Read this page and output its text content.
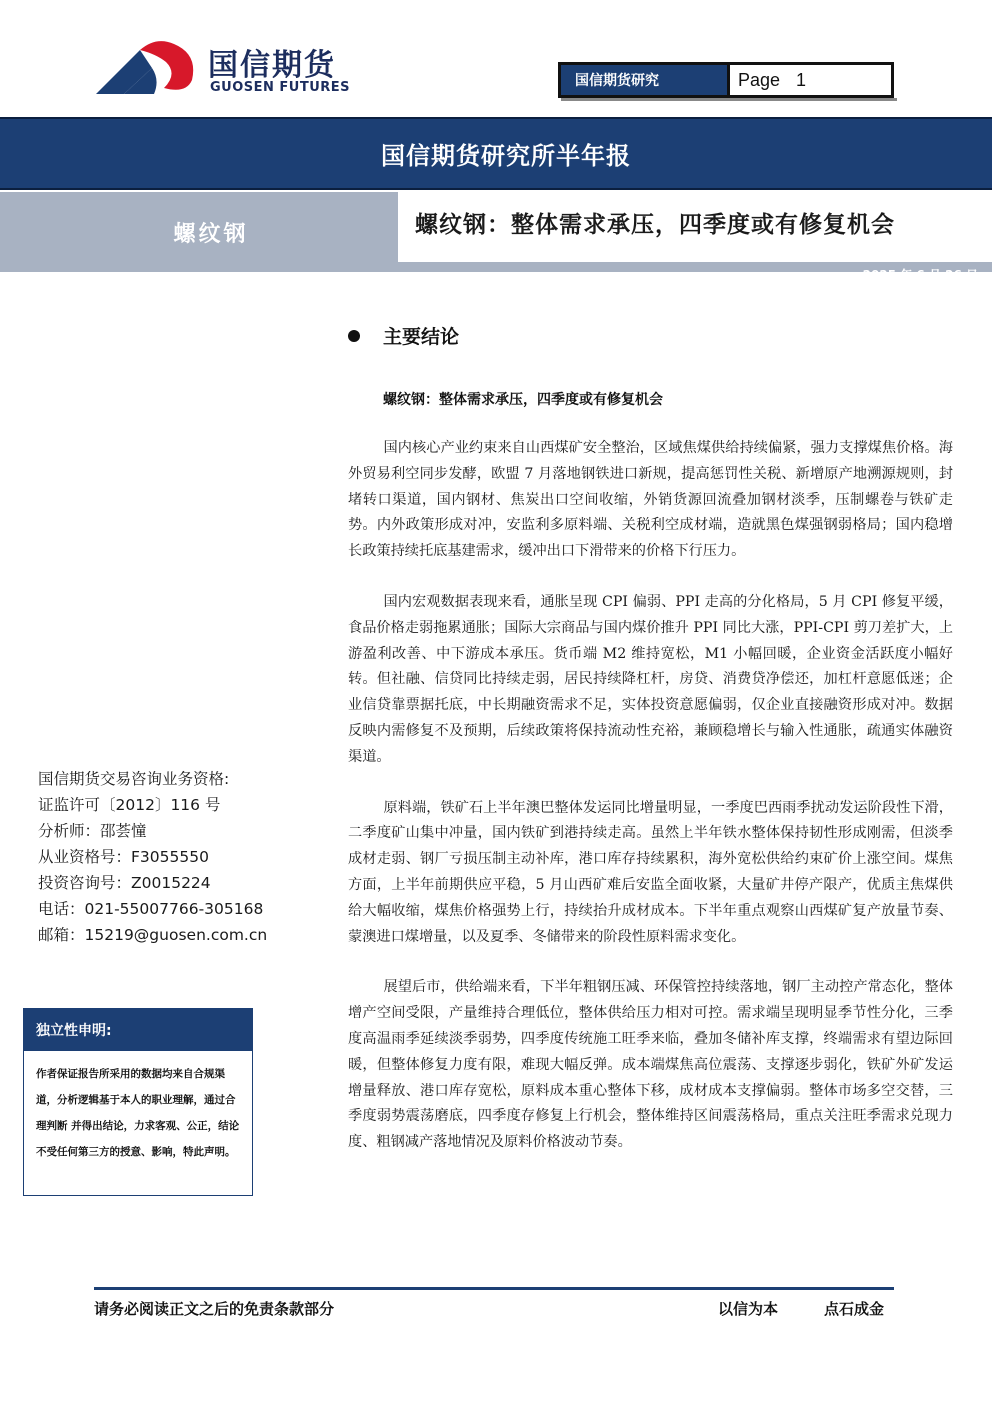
国信期货
GUOSEN FUTURES	国信期货研究	Page 1
国信期货研究所半年报
螺纹钢	螺纹钢：整体需求承压，四季度或有修复机会
2025 年 6 月 26 日
主要结论
螺纹钢：整体需求承压，四季度或有修复机会

国内核心产业约束来自山西煤矿安全整治，区域焦煤供给持续偏紧，强力支撑煤焦价格。海外贸易利空同步发酵，欧盟 7 月落地钢铁进口新规，提高惩罚性关税、新增原产地溯源规则，封堵转口渠道，国内钢材、焦炭出口空间收缩，外销货源回流叠加钢材淡季，压制螺卷与铁矿走势。内外政策形成对冲，安监利多原料端、关税利空成材端，造就黑色煤强钢弱格局；国内稳增长政策持续托底基建需求，缓冲出口下滑带来的价格下行压力。

国内宏观数据表现来看，通胀呈现 CPI 偏弱、PPI 走高的分化格局，5 月 CPI 修复平缓，食品价格走弱拖累通胀；国际大宗商品与国内煤价推升 PPI 同比大涨，PPI-CPI 剪刀差扩大，上游盈利改善、中下游成本承压。货币端 M2 维持宽松，M1 小幅回暖，企业资金活跃度小幅好转。但社融、信贷同比持续走弱，居民持续降杠杆，房贷、消费贷净偿还，加杠杆意愿低迷；企业信贷靠票据托底，中长期融资需求不足，实体投资意愿偏弱，仅企业直接融资形成对冲。数据反映内需修复不及预期，后续政策将保持流动性充裕，兼顾稳增长与输入性通胀，疏通实体融资渠道。

原料端，铁矿石上半年澳巴整体发运同比增量明显，一季度巴西雨季扰动发运阶段性下滑，二季度矿山集中冲量，国内铁矿到港持续走高。虽然上半年铁水整体保持韧性形成刚需，但淡季成材走弱、钢厂亏损压制主动补库，港口库存持续累积，海外宽松供给约束矿价上涨空间。煤焦方面，上半年前期供应平稳，5 月山西矿难后安监全面收紧，大量矿井停产限产，优质主焦煤供给大幅收缩，煤焦价格强势上行，持续抬升成材成本。下半年重点观察山西煤矿复产放量节奏、蒙澳进口煤增量，以及夏季、冬储带来的阶段性原料需求变化。

展望后市，供给端来看，下半年粗钢压减、环保管控持续落地，钢厂主动控产常态化，整体增产空间受限，产量维持合理低位，整体供给压力相对可控。需求端呈现明显季节性分化，三季度高温雨季延续淡季弱势，四季度传统施工旺季来临，叠加冬储补库支撑，终端需求有望边际回暖，但整体修复力度有限，难现大幅反弹。成本端煤焦高位震荡、支撑逐步弱化，铁矿外矿发运增量释放、港口库存宽松，原料成本重心整体下移，成材成本支撑偏弱。整体市场多空交替，三季度弱势震荡磨底，四季度存修复上行机会，整体维持区间震荡格局，重点关注旺季需求兑现力度、粗钢减产落地情况及原料价格波动节奏。

国信期货交易咨询业务资格:
证监许可〔2012〕116 号
分析师：邵荟憧
从业资格号：F3055550
投资咨询号：Z0015224
电话：021-55007766-305168
邮箱：15219@guosen.com.cn
独立性申明:
作者保证报告所采用的数据均来自合规渠道，分析逻辑基于本人的职业理解，通过合理判断 并得出结论，力求客观、公正，结论不受任何第三方的授意、影响，特此声明。
请务必阅读正文之后的免责条款部分	以信为本	点石成金
